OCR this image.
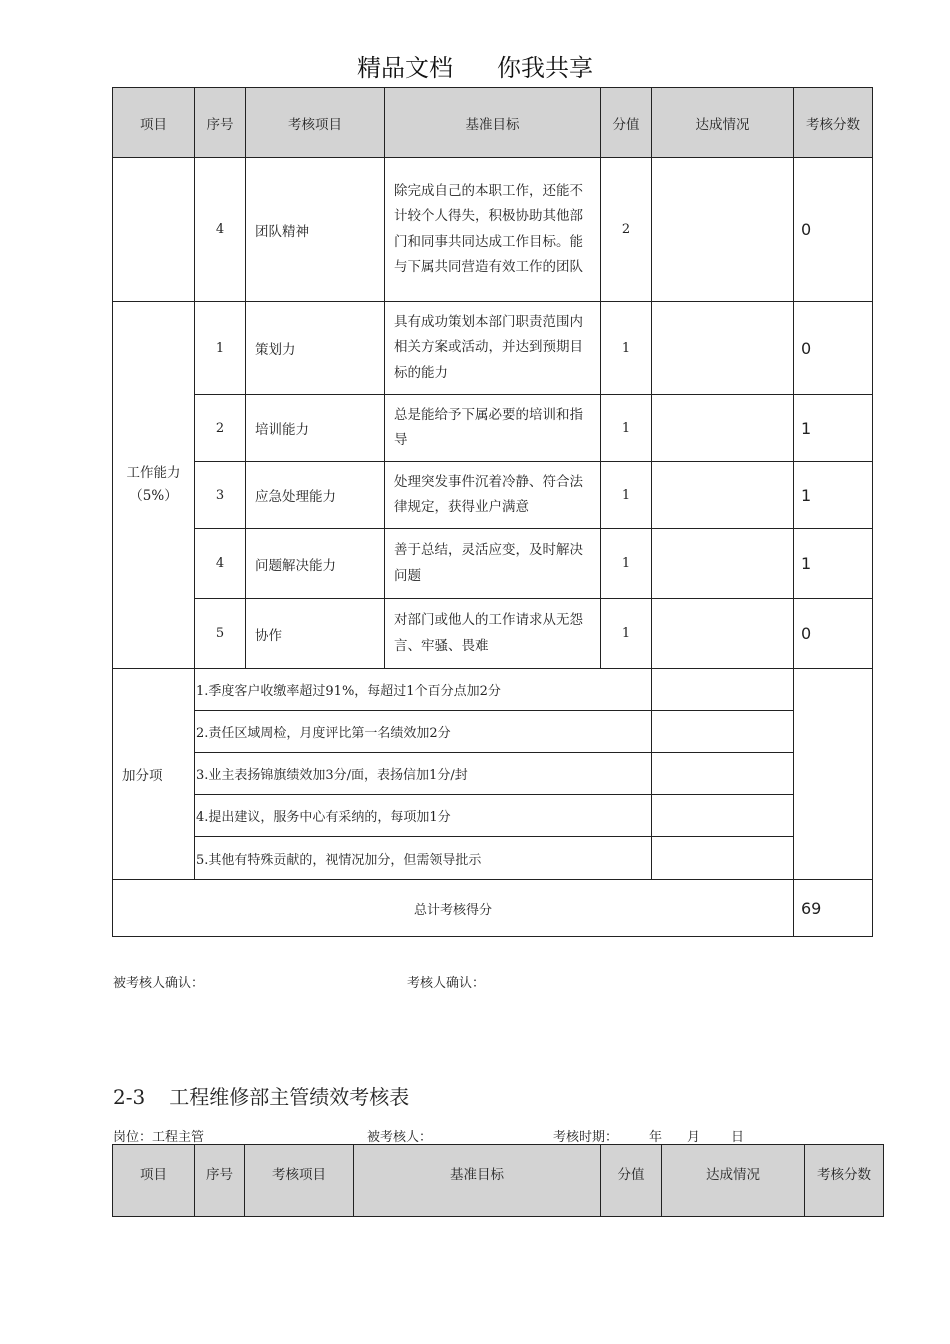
精品文档 你我共享
项目	序号	考核项目	基准目标	分值	达成情况	考核分数
	4	团队精神	除完成自己的本职工作，还能不计较个人得失，积极协助其他部门和同事共同达成工作目标。能与下属共同营造有效工作的团队	2		0

工作能力
（5%）	1	策划力	具有成功策划本部门职责范围内相关方案或活动，并达到预期目标的能力	1		0
	2	培训能力	总是能给予下属必要的培训和指导	1		1
	3	应急处理能力	处理突发事件沉着冷静、符合法律规定，获得业户满意	1		1
	4	问题解决能力	善于总结，灵活应变，及时解决问题	1		1
	5	协作	对部门或他人的工作请求从无怨言、牢骚、畏难	1		0
加分项	1.季度客户收缴率超过91%，每超过1个百分点加2分					
	2.责任区域周检，月度评比第一名绩效加2分					
	3.业主表扬锦旗绩效加3分/面，表扬信加1分/封					
	4.提出建议，服务中心有采纳的，每项加1分					
	5.其他有特殊贡献的，视情况加分，但需领导批示					
总计考核得分						69
被考核人确认：	考核人确认：
2-3 工程维修部主管绩效考核表
岗位：工程主管	被考核人：	考核时期： 年 月 日
项目	序号	考核项目	基准目标	分值	达成情况	考核分数
